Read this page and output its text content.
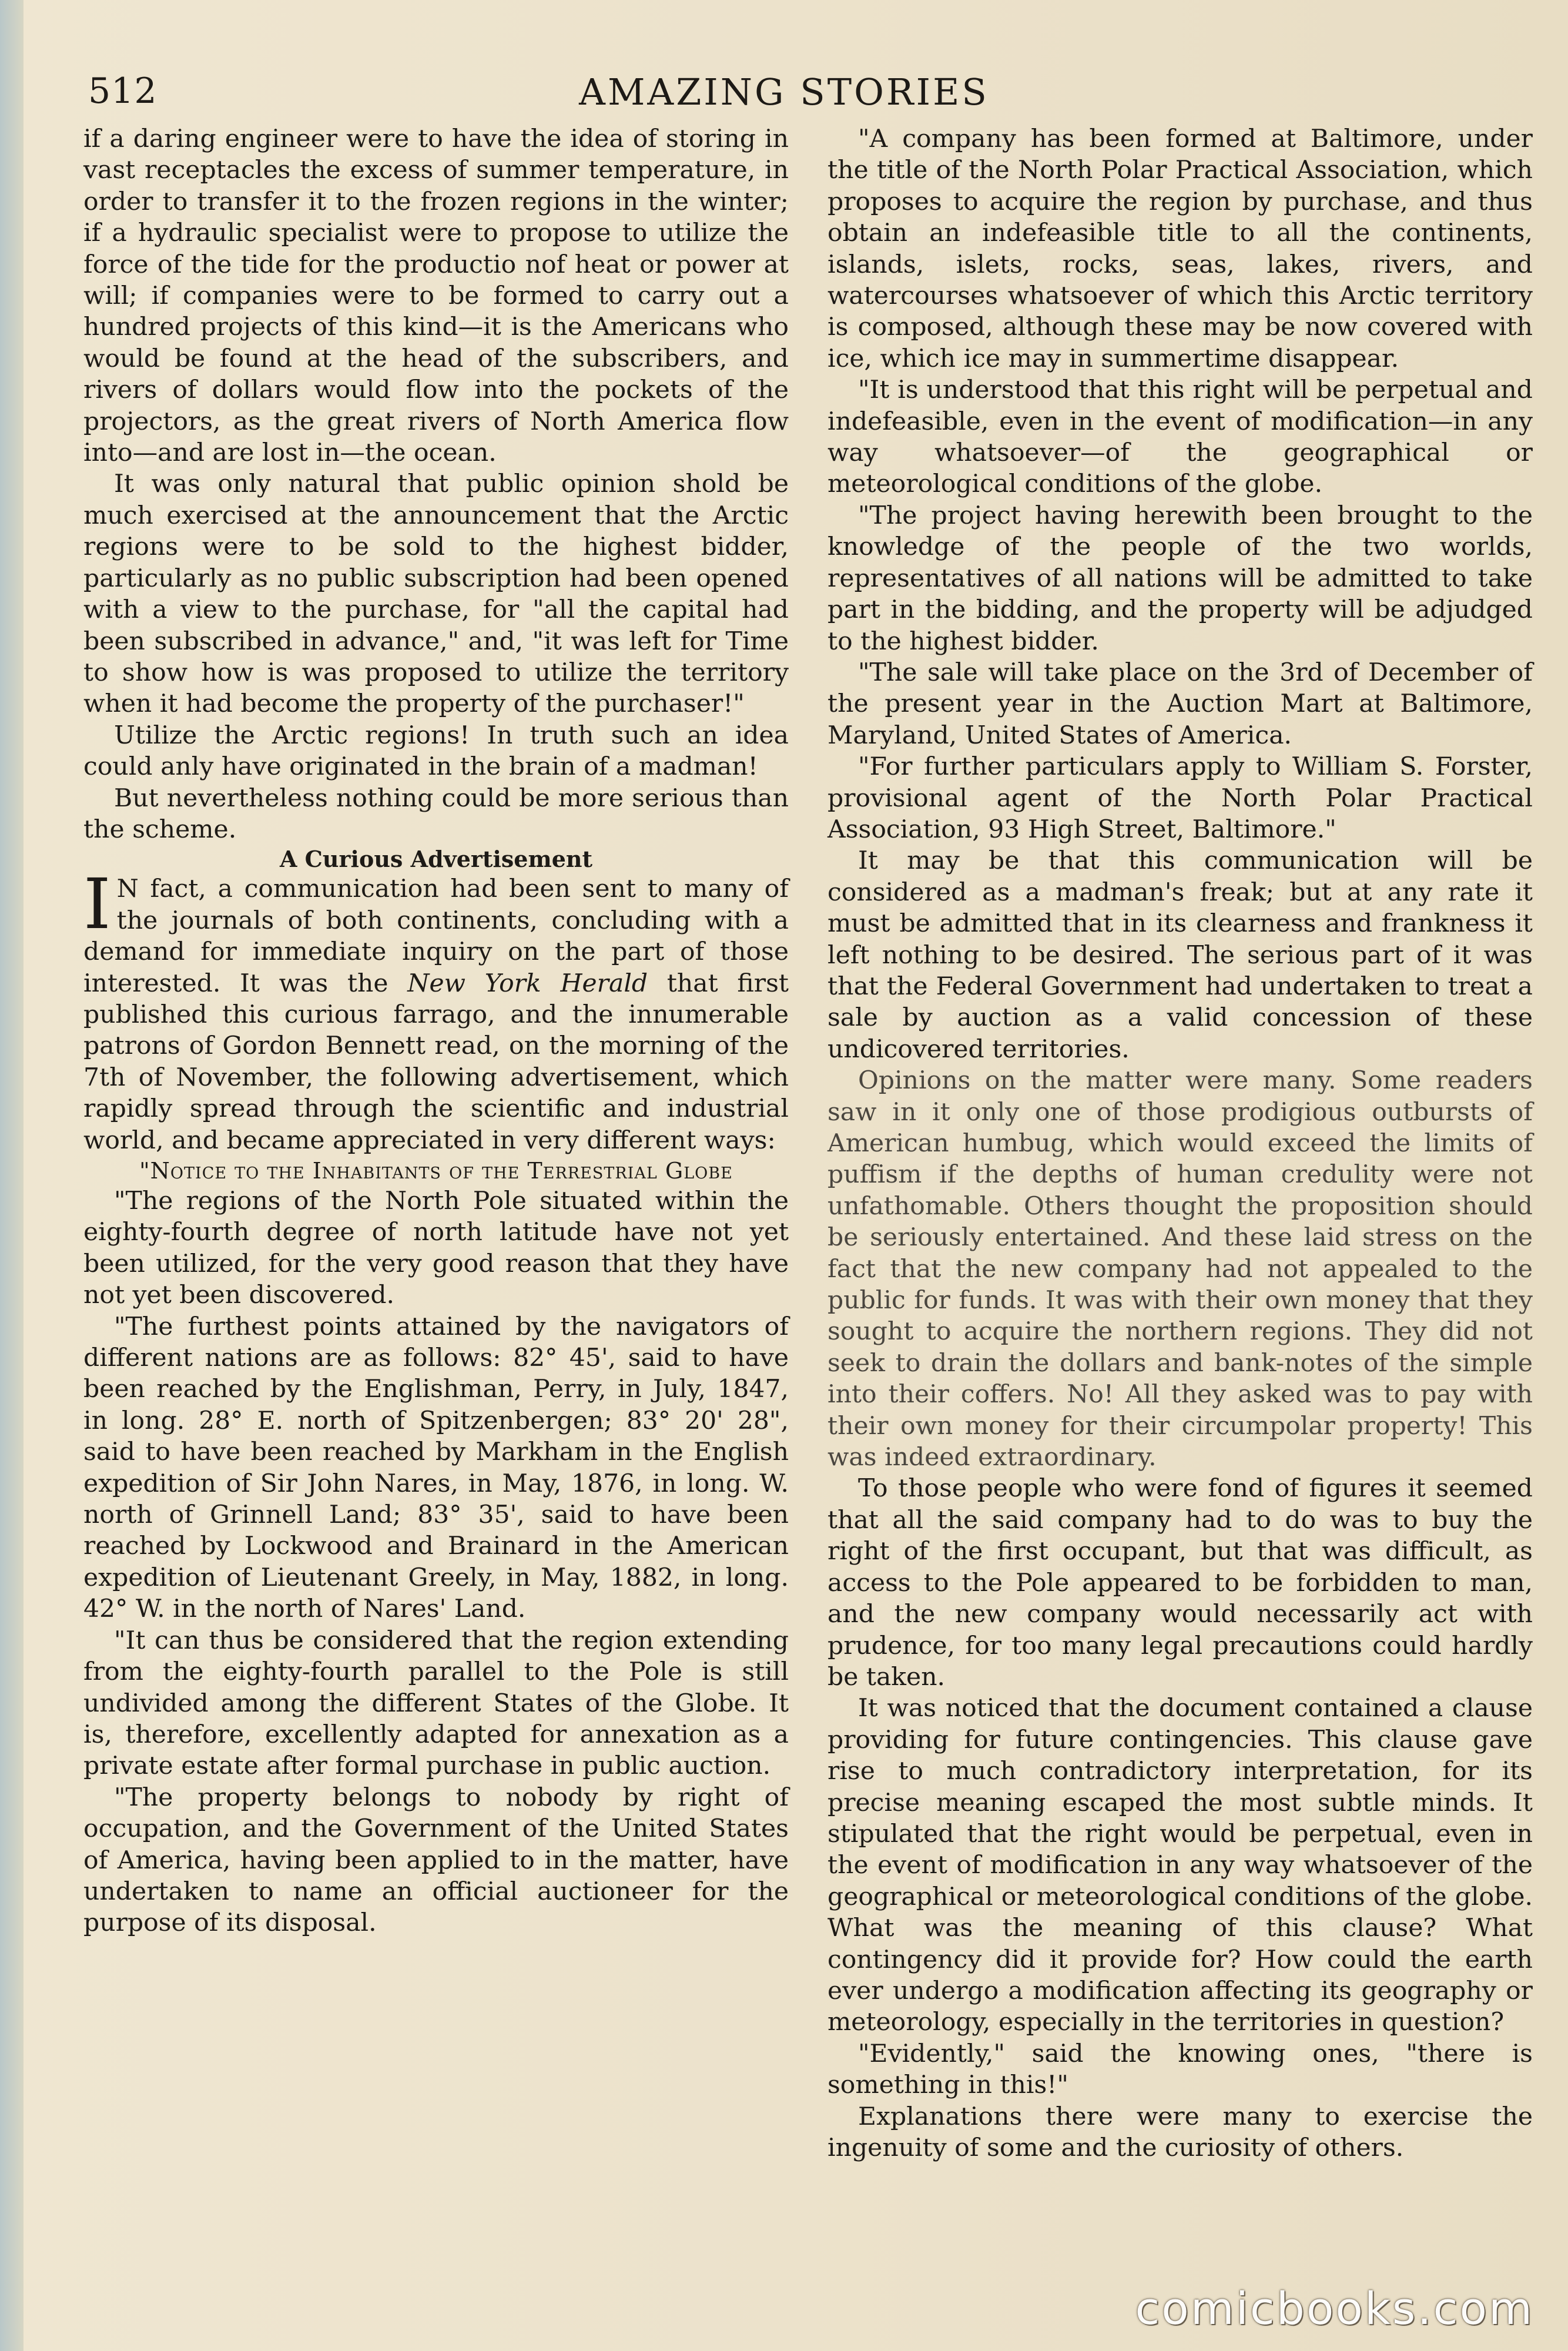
512	AMAZING STORIES

if a daring engineer were to have the idea of storing in vast receptacles the excess of summer temperature, in order to transfer it to the frozen regions in the winter; if a hydraulic specialist were to propose to utilize the force of the tide for the productio nof heat or power at will; if companies were to be formed to carry out a hundred projects of this kind—it is the Americans who would be found at the head of the subscribers, and rivers of dollars would flow into the pockets of the projectors, as the great rivers of North America flow into—and are lost in—the ocean.

It was only natural that public opinion shold be much exercised at the announcement that the Arctic regions were to be sold to the highest bidder, particularly as no public subscription had been opened with a view to the purchase, for "all the capital had been subscribed in advance," and, "it was left for Time to show how is was proposed to utilize the territory when it had become the property of the purchaser!"

Utilize the Arctic regions! In truth such an idea could anly have originated in the brain of a madman!

But nevertheless nothing could be more serious than the scheme.

A Curious Advertisement

I N fact, a communication had been sent to many of the journals of both continents, concluding with a demand for immediate inquiry on the part of those interested. It was the New York Herald that first published this curious farrago, and the innumerable patrons of Gordon Bennett read, on the morning of the 7th of November, the following advertisement, which rapidly spread through the scientific and industrial world, and became appreciated in very different ways:

"Notice to the Inhabitants of the Terrestrial Globe

"The regions of the North Pole situated within the eighty-fourth degree of north latitude have not yet been utilized, for the very good reason that they have not yet been discovered.

"The furthest points attained by the navigators of different nations are as follows: 82° 45', said to have been reached by the Englishman, Perry, in July, 1847, in long. 28° E. north of Spitzenbergen; 83° 20' 28", said to have been reached by Markham in the English expedition of Sir John Nares, in May, 1876, in long. W. north of Grinnell Land; 83° 35', said to have been reached by Lockwood and Brainard in the American expedition of Lieutenant Greely, in May, 1882, in long. 42° W. in the north of Nares' Land.

"It can thus be considered that the region extending from the eighty-fourth parallel to the Pole is still undivided among the different States of the Globe. It is, therefore, excellently adapted for annexation as a private estate after formal purchase in public auction.

"The property belongs to nobody by right of occupation, and the Government of the United States of America, having been applied to in the matter, have undertaken to name an official auctioneer for the purpose of its disposal.

"A company has been formed at Baltimore, under the title of the North Polar Practical Association, which proposes to acquire the region by purchase, and thus obtain an indefeasible title to all the continents, islands, islets, rocks, seas, lakes, rivers, and watercourses whatsoever of which this Arctic territory is composed, although these may be now covered with ice, which ice may in summertime disappear.

"It is understood that this right will be perpetual and indefeasible, even in the event of modification—in any way whatsoever—of the geographical or meteorological conditions of the globe.

"The project having herewith been brought to the knowledge of the people of the two worlds, representatives of all nations will be admitted to take part in the bidding, and the property will be adjudged to the highest bidder.

"The sale will take place on the 3rd of December of the present year in the Auction Mart at Baltimore, Maryland, United States of America.

"For further particulars apply to William S. Forster, provisional agent of the North Polar Practical Association, 93 High Street, Baltimore."

It may be that this communication will be considered as a madman's freak; but at any rate it must be admitted that in its clearness and frankness it left nothing to be desired. The serious part of it was that the Federal Government had undertaken to treat a sale by auction as a valid concession of these undicovered territories.

Opinions on the matter were many. Some readers saw in it only one of those prodigious outbursts of American humbug, which would exceed the limits of puffism if the depths of human credulity were not unfathomable. Others thought the proposition should be seriously entertained. And these laid stress on the fact that the new company had not appealed to the public for funds. It was with their own money that they sought to acquire the northern regions. They did not seek to drain the dollars and bank-notes of the simple into their coffers. No! All they asked was to pay with their own money for their circumpolar property! This was indeed extraordinary.

To those people who were fond of figures it seemed that all the said company had to do was to buy the right of the first occupant, but that was difficult, as access to the Pole appeared to be forbidden to man, and the new company would necessarily act with prudence, for too many legal precautions could hardly be taken.

It was noticed that the document contained a clause providing for future contingencies. This clause gave rise to much contradictory interpretation, for its precise meaning escaped the most subtle minds. It stipulated that the right would be perpetual, even in the event of modification in any way whatsoever of the geographical or meteorological conditions of the globe. What was the meaning of this clause? What contingency did it provide for? How could the earth ever undergo a modification affecting its geography or meteorology, especially in the territories in question?

"Evidently," said the knowing ones, "there is something in this!"

Explanations there were many to exercise the ingenuity of some and the curiosity of others.

comicbooks.com
